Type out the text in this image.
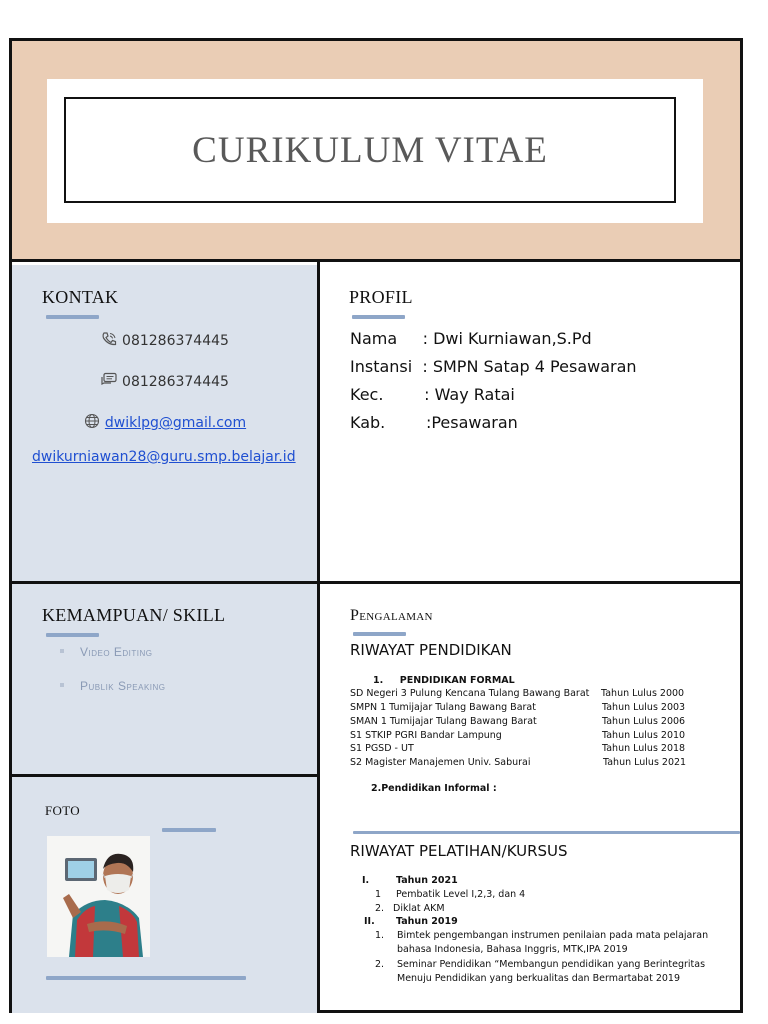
CURIKULUM VITAE
KONTAK
081286374445
081286374445
dwiklpg@gmail.com
dwikurniawan28@guru.smp.belajar.id
PROFIL
Nama     : Dwi Kurniawan,S.Pd
Instansi  : SMPN Satap 4 Pesawaran
Kec.        : Way Ratai
Kab.        :Pesawaran
KEMAMPUAN/ SKILL
Video Editing
Publik Speaking
FOTO
Pengalaman
RIWAYAT PENDIDIKAN
1.     PENDIDIKAN FORMAL
SD Negeri 3 Pulung Kencana Tulang Bawang Barat Tahun Lulus 2000
SMPN 1 Tumijajar Tulang Bawang Barat	Tahun Lulus 2003
SMAN 1 Tumijajar Tulang Bawang Barat	Tahun Lulus 2006
S1 STKIP PGRI Bandar Lampung	Tahun Lulus 2010
S1 PGSD - UT	Tahun Lulus 2018
S2 Magister Manajemen Univ. Saburai	Tahun Lulus 2021
2.Pendidikan Informal :
RIWAYAT PELATIHAN/KURSUS
I.	Tahun 2021
1 Pembatik Level I,2,3, dan 4
2. Diklat AKM
II. Tahun 2019
1. Bimtek pengembangan instrumen penilaian pada mata pelajaran
bahasa Indonesia, Bahasa Inggris, MTK,IPA 2019
2. Seminar Pendidikan “Membangun pendidikan yang Berintegritas
Menuju Pendidikan yang berkualitas dan Bermartabat 2019
